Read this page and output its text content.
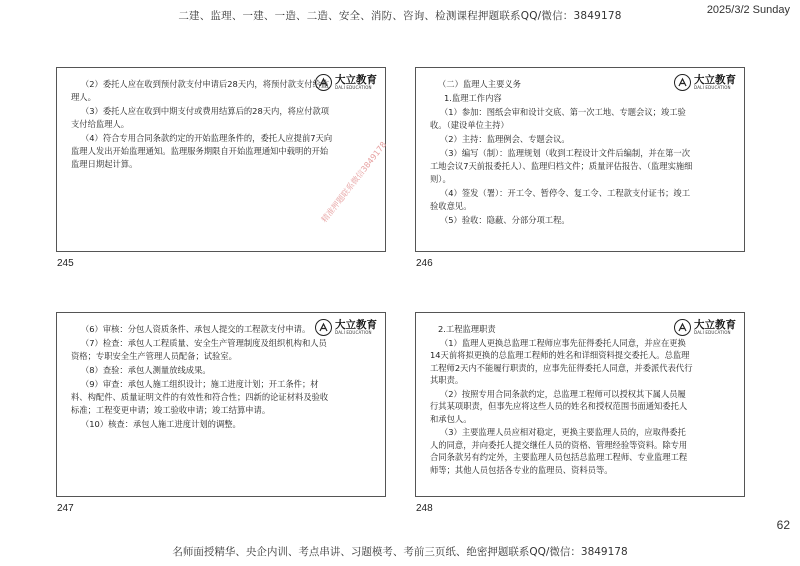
二建、监理、一建、一造、二造、安全、消防、咨询、检测课程押题联系QQ/微信：3849178	2025/3/2 Sunday
大立教育
DALI EDUCATION

（2）委托人应在收到预付款支付申请后28天内，将预付款支付给监理人。

（3）委托人应在收到中期支付或费用结算后的28天内，将应付款项支付给监理人。

（4）符合专用合同条款约定的开始监理条件的，委托人应提前7天向监理人发出开始监理通知。监理服务期限自开始监理通知中载明的开始监理日期起计算。	精准押题联系微信3849178
245
大立教育
DALI EDUCATION

（二）监理人主要义务

1.监理工作内容

（1）参加：图纸会审和设计交底、第一次工地、专题会议；竣工验收。（建设单位主持）

（2）主持：监理例会、专题会议。

（3）编写（制）：监理规划（收到工程设计文件后编制，并在第一次工地会议7天前报委托人）、监理归档文件；质量评估报告、（监理实施细则）。

（4）签发（署）：开工令、暂停令、复工令、工程款支付证书；竣工验收意见。

（5）验收：隐蔽、分部分项工程。

246
大立教育
DALI EDUCATION

（6）审核：分包人资质条件、承包人提交的工程款支付申请。

（7）检查：承包人工程质量、安全生产管理制度及组织机构和人员资格；专职安全生产管理人员配备；试验室。

（8）查验：承包人测量放线成果。

（9）审查：承包人施工组织设计；施工进度计划；开工条件；材料、构配件、质量证明文件的有效性和符合性；四新的论证材料及验收标准；工程变更申请；竣工验收申请；竣工结算申请。

（10）核查：承包人施工进度计划的调整。

247
大立教育
DALI EDUCATION

2.工程监理职责

（1）监理人更换总监理工程师应事先征得委托人同意，并应在更换14天前将拟更换的总监理工程师的姓名和详细资料提交委托人。总监理工程师2天内不能履行职责的，应事先征得委托人同意，并委派代表代行其职责。

（2）按照专用合同条款约定，总监理工程师可以授权其下属人员履行其某项职责，但事先应将这些人员的姓名和授权范围书面通知委托人和承包人。

（3）主要监理人员应相对稳定，更换主要监理人员的，应取得委托人的同意，并向委托人提交继任人员的资格、管理经验等资料。除专用合同条款另有约定外，主要监理人员包括总监理工程师、专业监理工程师等；其他人员包括各专业的监理员、资料员等。

248
62
名师面授精华、央企内训、考点串讲、习题模考、考前三页纸、绝密押题联系QQ/微信：3849178
